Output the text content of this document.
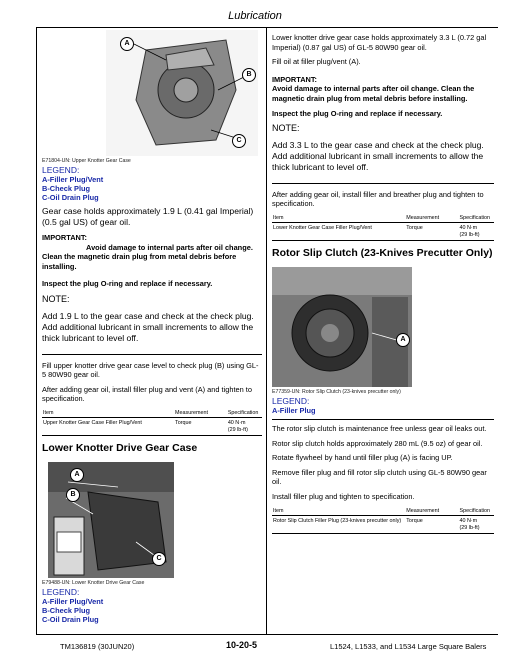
Lubrication
A
B
C
E71804-UN: Upper Knotter Gear Case
LEGEND:
A-Filler Plug/Vent
B-Check Plug
C-Oil Drain Plug

Gear case holds approximately 1.9 L (0.41 gal Imperial) (0.5 gal US) of gear oil.

IMPORTANT:

Avoid damage to internal parts after oil change. Clean the magnetic drain plug from metal debris before installing.

Inspect the plug O-ring and replace if necessary.

NOTE:

Add 1.9 L to the gear case and check at the check plug. Add additional lubricant in small increments to allow the thick lubricant to level off.

Fill upper knotter drive gear case level to check plug (B) using GL-5 80W90 gear oil.

After adding gear oil, install filler plug and vent (A) and tighten to specification.

Item	Measurement	Specification
Upper Knotter Gear Case Filler Plug/Vent	Torque	40 N·m
(29 lb-ft)
Lower Knotter Drive Gear Case
A
B
C
E79488-UN: Lower Knotter Drive Gear Case
LEGEND:
A-Filler Plug/Vent
B-Check Plug
C-Oil Drain Plug

Lower knotter drive gear case holds approximately 3.3 L (0.72 gal Imperial) (0.87 gal US) of GL-5 80W90 gear oil.

Fill oil at filler plug/vent (A).

IMPORTANT:

Avoid damage to internal parts after oil change. Clean the magnetic drain plug from metal debris before installing.

Inspect the plug O-ring and replace if necessary.

NOTE:

Add 3.3 L to the gear case and check at the check plug. Add additional lubricant in small increments to allow the thick lubricant to level off.

After adding gear oil, install filler and breather plug and tighten to specification.

Item	Measurement	Specification
Lower Knotter Gear Case Filler Plug/Vent	Torque	40 N·m
(29 lb-ft)
Rotor Slip Clutch (23-Knives Precutter Only)
A
E77359-UN: Rotor Slip Clutch (23-knives precutter only)
LEGEND:
A-Filler Plug

The rotor slip clutch is maintenance free unless gear oil leaks out.

Rotor slip clutch holds approximately 280 mL (9.5 oz) of gear oil.

Rotate flywheel by hand until filler plug (A) is facing UP.

Remove filler plug and fill rotor slip clutch using GL-5 80W90 gear oil.

Install filler plug and tighten to specification.

Item	Measurement	Specification
Rotor Slip Clutch Filler Plug (23-knives precutter only)	Torque	40 N·m
(29 lb-ft)
TM136819 (30JUN20)	10-20-5	L1524, L1533, and L1534 Large Square Balers
